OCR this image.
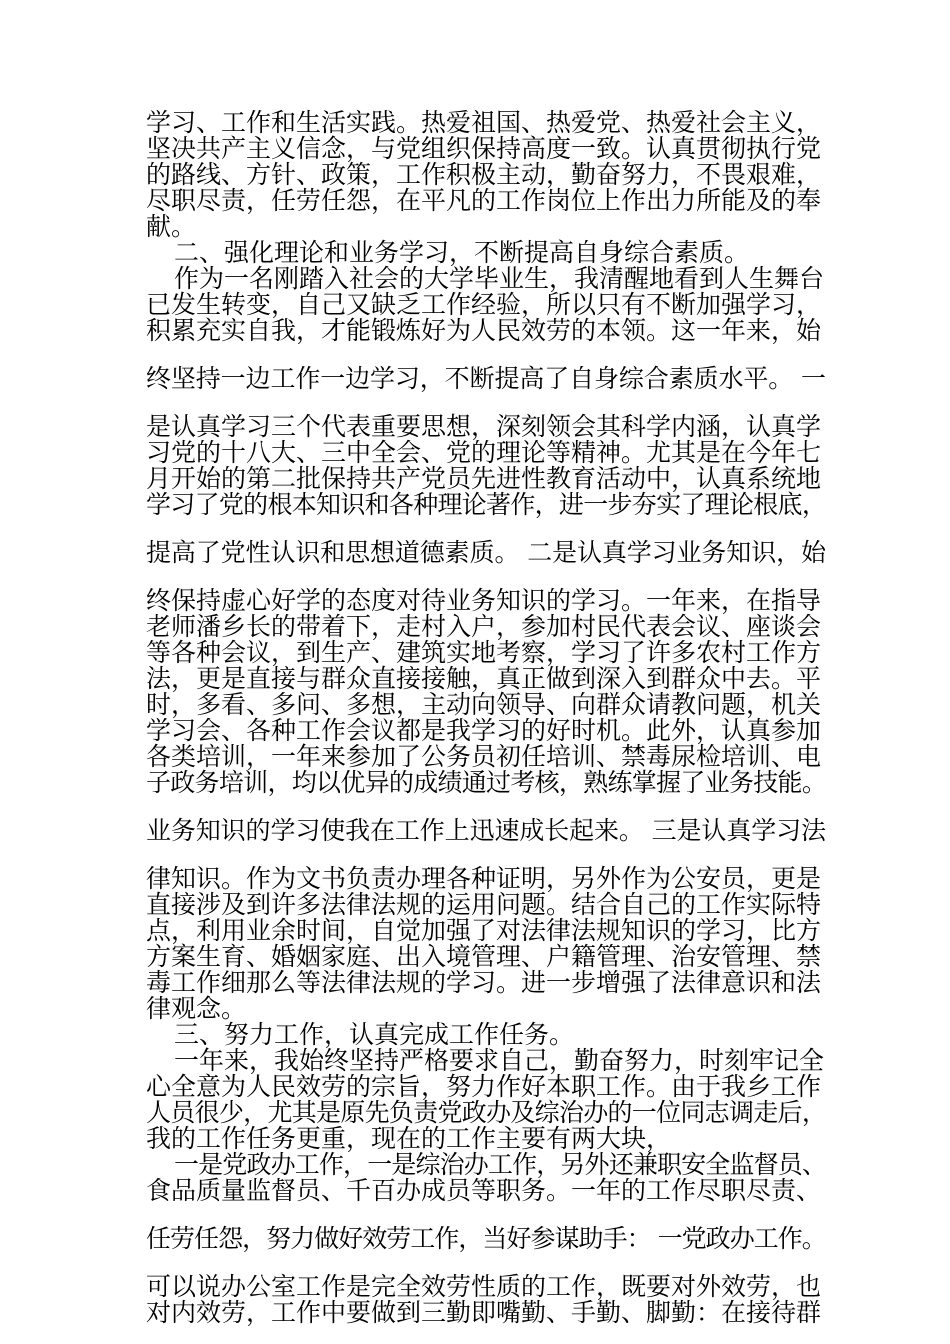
学习、工作和生活实践。热爱祖国、热爱党、热爱社会主义，
坚决共产主义信念，与党组织保持高度一致。认真贯彻执行党
的路线、方针、政策，工作积极主动，勤奋努力，不畏艰难，
尽职尽责，任劳任怨，在平凡的工作岗位上作出力所能及的奉
献。
二、强化理论和业务学习，不断提高自身综合素质。
作为一名刚踏入社会的大学毕业生，我清醒地看到人生舞台
已发生转变，自己又缺乏工作经验，所以只有不断加强学习，
积累充实自我，才能锻炼好为人民效劳的本领。这一年来，始
终坚持一边工作一边学习，不断提高了自身综合素质水平。 一
是认真学习三个代表重要思想，深刻领会其科学内涵，认真学
习党的十八大、三中全会、党的理论等精神。尤其是在今年七
月开始的第二批保持共产党员先进性教育活动中，认真系统地
学习了党的根本知识和各种理论著作，进一步夯实了理论根底，
提高了党性认识和思想道德素质。 二是认真学习业务知识，始
终保持虚心好学的态度对待业务知识的学习。一年来，在指导
老师潘乡长的带着下，走村入户，参加村民代表会议、座谈会
等各种会议，到生产、建筑实地考察，学习了许多农村工作方
法，更是直接与群众直接接触，真正做到深入到群众中去。平
时，多看、多问、多想，主动向领导、向群众请教问题，机关
学习会、各种工作会议都是我学习的好时机。此外，认真参加
各类培训，一年来参加了公务员初任培训、禁毒尿检培训、电
子政务培训，均以优异的成绩通过考核，熟练掌握了业务技能。
业务知识的学习使我在工作上迅速成长起来。 三是认真学习法
律知识。作为文书负责办理各种证明，另外作为公安员，更是
直接涉及到许多法律法规的运用问题。结合自己的工作实际特
点，利用业余时间，自觉加强了对法律法规知识的学习，比方
方案生育、婚姻家庭、出入境管理、户籍管理、治安管理、禁
毒工作细那么等法律法规的学习。进一步增强了法律意识和法
律观念。
三、努力工作，认真完成工作任务。
一年来，我始终坚持严格要求自己，勤奋努力，时刻牢记全
心全意为人民效劳的宗旨，努力作好本职工作。由于我乡工作
人员很少，尤其是原先负责党政办及综治办的一位同志调走后，
我的工作任务更重，现在的工作主要有两大块，
一是党政办工作，一是综治办工作，另外还兼职安全监督员、
食品质量监督员、千百办成员等职务。一年的工作尽职尽责、
任劳任怨，努力做好效劳工作，当好参谋助手： 一党政办工作。
可以说办公室工作是完全效劳性质的工作，既要对外效劳，也
对内效劳，工作中要做到三勤即嘴勤、手勤、脚勤：在接待群
